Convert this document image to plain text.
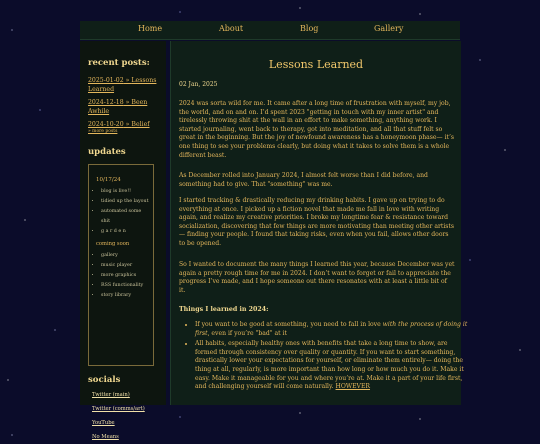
Home	About	Blog	Gallery
recent posts:
2025-01-02 » Lessons Learned
2024-12-18 » Been Awhile
2024-10-20 » Belief
» more posts
updates
10/17/24
• blog is live!!
• tidied up the layout
• automated some shit
• g a r d e n
coming soon
• gallery
• music player
• more graphics
• RSS functionality
• story library
socials
Twitter (main)
Twitter (comms/art)
YouTube
No Means
Lessons Learned
02 Jan, 2025

2024 was sorta wild for me. It came after a long time of frustration with myself, my job, the world, and on and on. I’d spent 2023 "getting in touch with my inner artist" and tirelessly throwing shit at the wall in an effort to make something, anything work. I started journaling, went back to therapy, got into meditation, and all that stuff felt so great in the beginning. But the joy of newfound awareness has a honeymoon phase— it’s one thing to see your problems clearly, but doing what it takes to solve them is a whole different beast.

As December rolled into January 2024, I almost felt worse than I did before, and something had to give. That "something" was me.

I started tracking & drastically reducing my drinking habits. I gave up on trying to do everything at once. I picked up a fiction novel that made me fall in love with writing again, and realize my creative priorities. I broke my longtime fear & resistance toward socialization, discovering that few things are more motivating than meeting other artists— finding your people. I found that taking risks, even when you fail, allows other doors to be opened.

So I wanted to document the many things I learned this year, because December was yet again a pretty rough time for me in 2024. I don’t want to forget or fail to appreciate the progress I’ve made, and I hope someone out there resonates with at least a little bit of it.

Things I learned in 2024:
• If you want to be good at something, you need to fall in love with the process of doing it first, even if you’re "bad" at it
• All habits, especially healthy ones with benefits that take a long time to show, are formed through consistency over quality or quantity. If you want to start something, drastically lower your expectations for yourself, or eliminate them entirely— doing the thing at all, regularly, is more important than how long or how much you do it. Make it easy. Make it manageable for you and where you’re at. Make it a part of your life first, and challenging yourself will come naturally. HOWEVER
